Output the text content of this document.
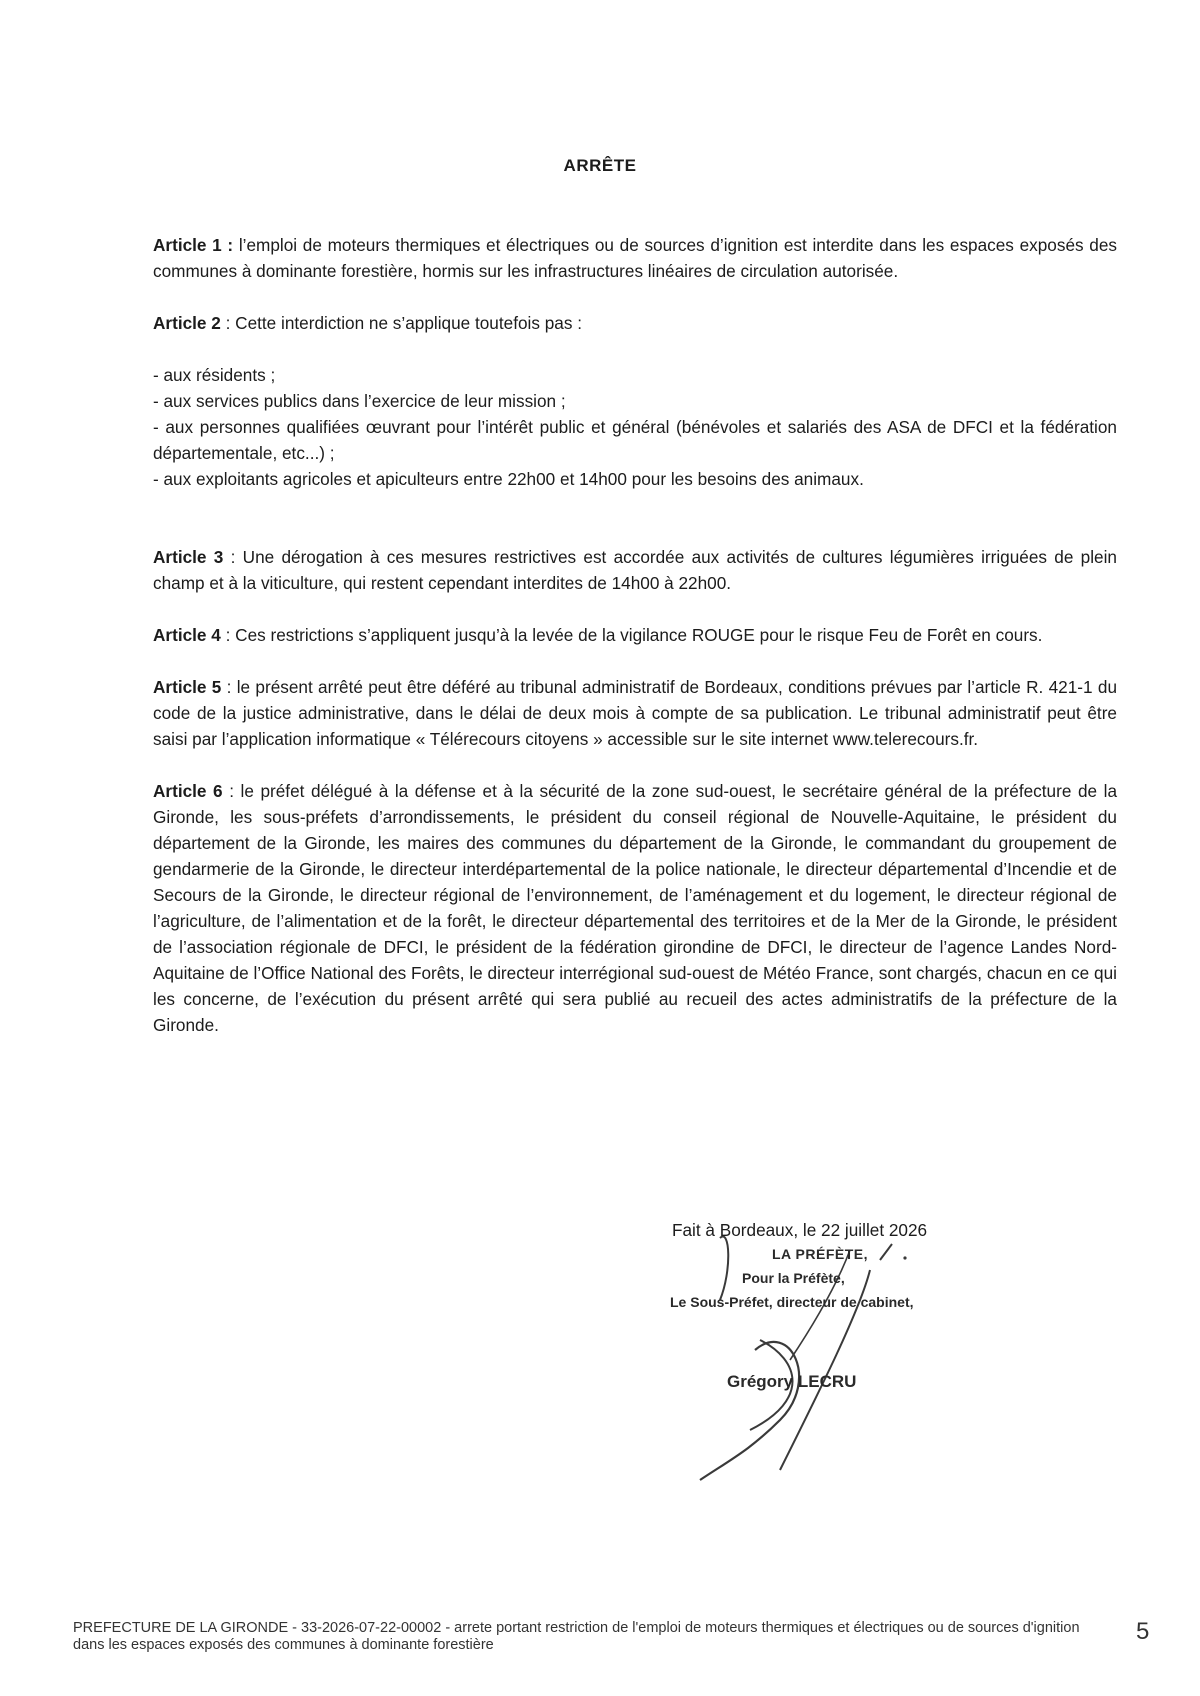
ARRÊTE

Article 1 : l’emploi de moteurs thermiques et électriques ou de sources d’ignition est interdite dans les espaces exposés des communes à dominante forestière, hormis sur les infrastructures linéaires de circulation autorisée.

Article 2 : Cette interdiction ne s’applique toutefois pas :

- aux résidents ;
- aux services publics dans l’exercice de leur mission ;
- aux personnes qualifiées œuvrant pour l’intérêt public et général (bénévoles et salariés des ASA de DFCI et la fédération départementale, etc...) ;
- aux exploitants agricoles et apiculteurs entre 22h00 et 14h00 pour les besoins des animaux.

Article 3 : Une dérogation à ces mesures restrictives est accordée aux activités de cultures légumières irriguées de plein champ et à la viticulture, qui restent cependant interdites de 14h00 à 22h00.

Article 4 : Ces restrictions s’appliquent jusqu’à la levée de la vigilance ROUGE pour le risque Feu de Forêt en cours.

Article 5 : le présent arrêté peut être déféré au tribunal administratif de Bordeaux, conditions prévues par l’article R. 421-1 du code de la justice administrative, dans le délai de deux mois à compte de sa publication. Le tribunal administratif peut être saisi par l’application informatique « Télérecours citoyens » accessible sur le site internet www.telerecours.fr.

Article 6 : le préfet délégué à la défense et à la sécurité de la zone sud-ouest, le secrétaire général de la préfecture de la Gironde, les sous-préfets d’arrondissements, le président du conseil régional de Nouvelle-Aquitaine, le président du département de la Gironde, les maires des communes du département de la Gironde, le commandant du groupement de gendarmerie de la Gironde, le directeur interdépartemental de la police nationale, le directeur départemental d’Incendie et de Secours de la Gironde, le directeur régional de l’environnement, de l’aménagement et du logement, le directeur régional de l’agriculture, de l’alimentation et de la forêt, le directeur départemental des territoires et de la Mer de la Gironde, le président de l’association régionale de DFCI, le président de la fédération girondine de DFCI, le directeur de l’agence Landes Nord-Aquitaine de l’Office National des Forêts, le directeur interrégional sud-ouest de Météo France, sont chargés, chacun en ce qui les concerne, de l’exécution du présent arrêté qui sera publié au recueil des actes administratifs de la préfecture de la Gironde.

Fait à Bordeaux, le 22 juillet 2026
LA PRÉFÈTE,
Pour la Préfète,
Le Sous-Préfet, directeur de cabinet,
Grégory LECRU
PREFECTURE DE LA GIRONDE - 33-2026-07-22-00002 - arrete portant restriction de l'emploi de moteurs thermiques et électriques ou de sources d'ignition dans les espaces exposés des communes à dominante forestière	5
